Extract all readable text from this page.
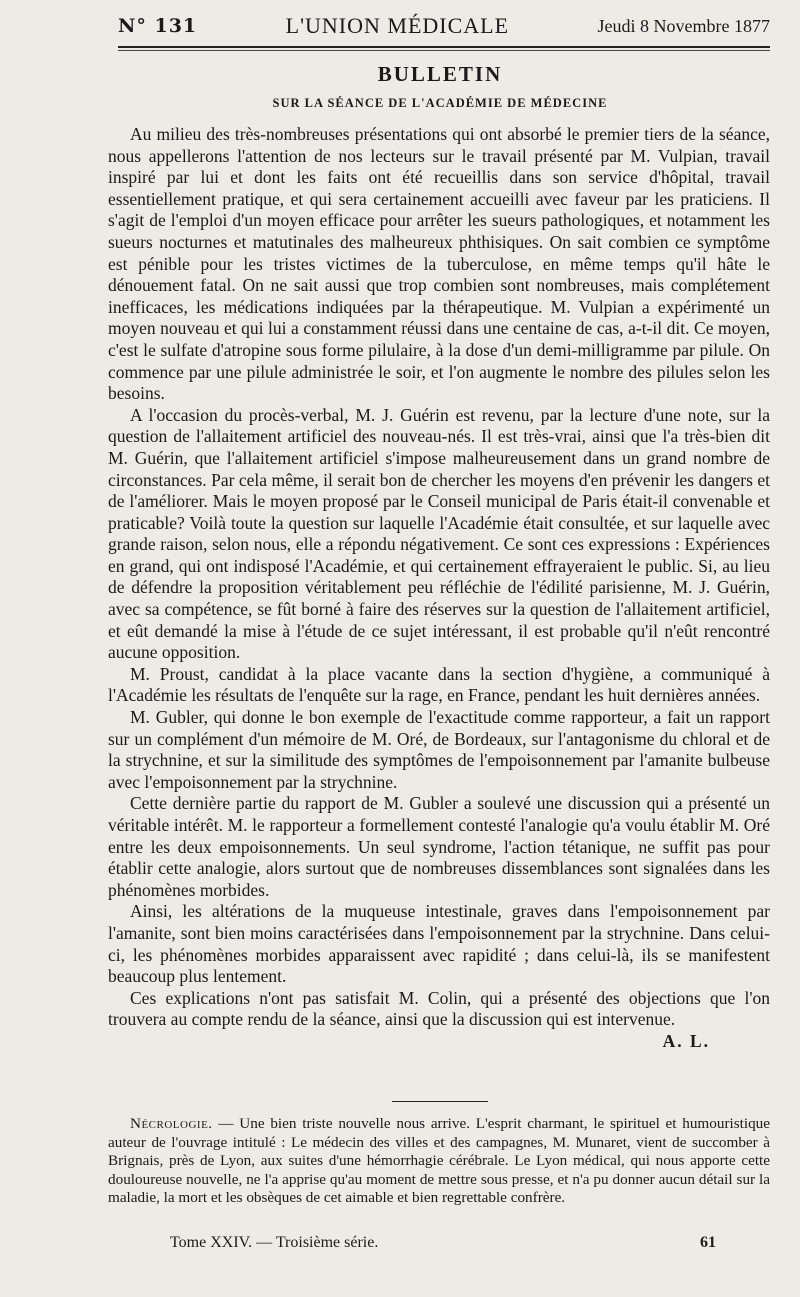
N° 131	L'UNION MÉDICALE	Jeudi 8 Novembre 1877
BULLETIN
SUR LA SÉANCE DE L'ACADÉMIE DE MÉDECINE

Au milieu des très-nombreuses présentations qui ont absorbé le premier tiers de la séance, nous appellerons l'attention de nos lecteurs sur le travail présenté par M. Vulpian, travail inspiré par lui et dont les faits ont été recueillis dans son service d'hôpital, travail essentiellement pratique, et qui sera certainement accueilli avec faveur par les praticiens. Il s'agit de l'emploi d'un moyen efficace pour arrêter les sueurs pathologiques, et notamment les sueurs nocturnes et matutinales des malheureux phthisiques. On sait combien ce symptôme est pénible pour les tristes victimes de la tuberculose, en même temps qu'il hâte le dénouement fatal. On ne sait aussi que trop combien sont nombreuses, mais complétement inefficaces, les médications indiquées par la thérapeutique. M. Vulpian a expérimenté un moyen nouveau et qui lui a constamment réussi dans une centaine de cas, a-t-il dit. Ce moyen, c'est le sulfate d'atropine sous forme pilulaire, à la dose d'un demi-milligramme par pilule. On commence par une pilule administrée le soir, et l'on augmente le nombre des pilules selon les besoins.

A l'occasion du procès-verbal, M. J. Guérin est revenu, par la lecture d'une note, sur la question de l'allaitement artificiel des nouveau-nés. Il est très-vrai, ainsi que l'a très-bien dit M. Guérin, que l'allaitement artificiel s'impose malheureusement dans un grand nombre de circonstances. Par cela même, il serait bon de chercher les moyens d'en prévenir les dangers et de l'améliorer. Mais le moyen proposé par le Conseil municipal de Paris était-il convenable et praticable? Voilà toute la question sur laquelle l'Académie était consultée, et sur laquelle avec grande raison, selon nous, elle a répondu négativement. Ce sont ces expressions : Expériences en grand, qui ont indisposé l'Académie, et qui certainement effrayeraient le public. Si, au lieu de défendre la proposition véritablement peu réfléchie de l'édilité parisienne, M. J. Guérin, avec sa compétence, se fût borné à faire des réserves sur la question de l'allaitement artificiel, et eût demandé la mise à l'étude de ce sujet intéressant, il est probable qu'il n'eût rencontré aucune opposition.

M. Proust, candidat à la place vacante dans la section d'hygiène, a communiqué à l'Académie les résultats de l'enquête sur la rage, en France, pendant les huit dernières années.

M. Gubler, qui donne le bon exemple de l'exactitude comme rapporteur, a fait un rapport sur un complément d'un mémoire de M. Oré, de Bordeaux, sur l'antagonisme du chloral et de la strychnine, et sur la similitude des symptômes de l'empoisonnement par l'amanite bulbeuse avec l'empoisonnement par la strychnine.

Cette dernière partie du rapport de M. Gubler a soulevé une discussion qui a présenté un véritable intérêt. M. le rapporteur a formellement contesté l'analogie qu'a voulu établir M. Oré entre les deux empoisonnements. Un seul syndrome, l'action tétanique, ne suffit pas pour établir cette analogie, alors surtout que de nombreuses dissemblances sont signalées dans les phénomènes morbides.

Ainsi, les altérations de la muqueuse intestinale, graves dans l'empoisonnement par l'amanite, sont bien moins caractérisées dans l'empoisonnement par la strychnine. Dans celui-ci, les phénomènes morbides apparaissent avec rapidité ; dans celui-là, ils se manifestent beaucoup plus lentement.

Ces explications n'ont pas satisfait M. Colin, qui a présenté des objections que l'on trouvera au compte rendu de la séance, ainsi que la discussion qui est intervenue.

A. L.

Nécrologie. — Une bien triste nouvelle nous arrive. L'esprit charmant, le spirituel et humouristique auteur de l'ouvrage intitulé : Le médecin des villes et des campagnes, M. Munaret, vient de succomber à Brignais, près de Lyon, aux suites d'une hémorrhagie cérébrale. Le Lyon médical, qui nous apporte cette douloureuse nouvelle, ne l'a apprise qu'au moment de mettre sous presse, et n'a pu donner aucun détail sur la maladie, la mort et les obsèques de cet aimable et bien regrettable confrère.

Tome XXIV. — Troisième série.	61
